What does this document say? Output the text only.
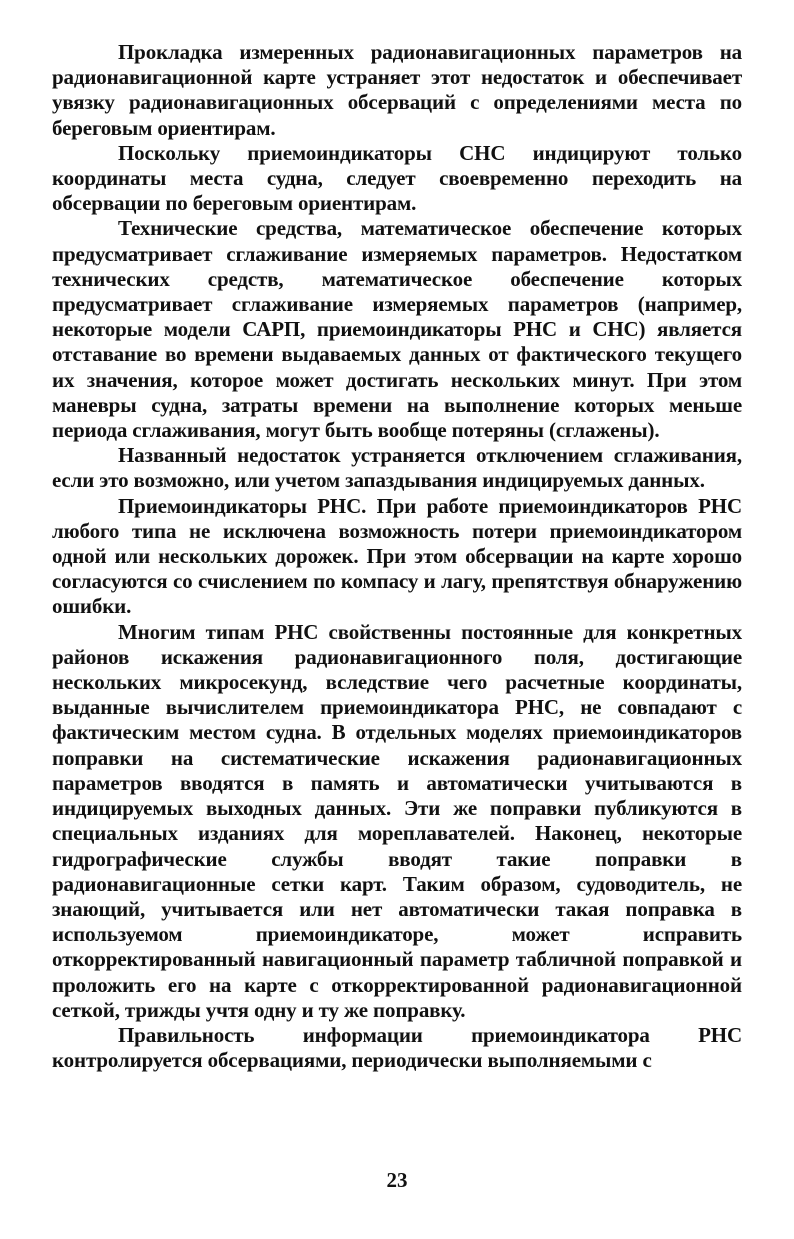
Прокладка измеренных радионавигационных параметров на радионавигационной карте устраняет этот недостаток и обеспечивает увязку радионавигационных обсерваций с определениями места по береговым ориентирам.

Поскольку приемоиндикаторы СНС индицируют только координаты места судна, следует своевременно переходить на обсервации по береговым ориентирам.

Технические средства, математическое обеспечение которых предусматривает сглаживание измеряемых параметров. Недостатком технических средств, математическое обеспечение которых предусматривает сглаживание измеряемых параметров (например, некоторые модели САРП, приемоиндикаторы РНС и СНС) является отставание во времени выдаваемых данных от фактического текущего их значения, которое может достигать нескольких минут. При этом маневры судна, затраты времени на выполнение которых меньше периода сглаживания, могут быть вообще потеряны (сглажены).

Названный недостаток устраняется отключением сглаживания, если это возможно, или учетом запаздывания индицируемых данных.

Приемоиндикаторы РНС. При работе приемоиндикаторов РНС любого типа не исключена возможность потери приемоиндикатором одной или нескольких дорожек. При этом обсервации на карте хорошо согласуются со счислением по компасу и лагу, препятствуя обнаружению ошибки.

Многим типам РНС свойственны постоянные для конкретных районов искажения радионавигационного поля, достигающие нескольких микросекунд, вследствие чего расчетные координаты, выданные вычислителем приемоиндикатора РНС, не совпадают с фактическим местом судна. В отдельных моделях приемоиндикаторов поправки на систематические искажения радионавигационных параметров вводятся в память и автоматически учитываются в индицируемых выходных данных. Эти же поправки публикуются в специальных изданиях для мореплавателей. Наконец, некоторые гидрографические службы вводят такие поправки в радионавигационные сетки карт. Таким образом, судоводитель, не знающий, учитывается или нет автоматически такая поправка в используемом приемоиндикаторе, может исправить откорректированный навигационный параметр табличной поправкой и проложить его на карте с откорректированной радионавигационной сеткой, трижды учтя одну и ту же поправку.

Правильность информации приемоиндикатора РНС контролируется обсервациями, периодически выполняемыми с

23
